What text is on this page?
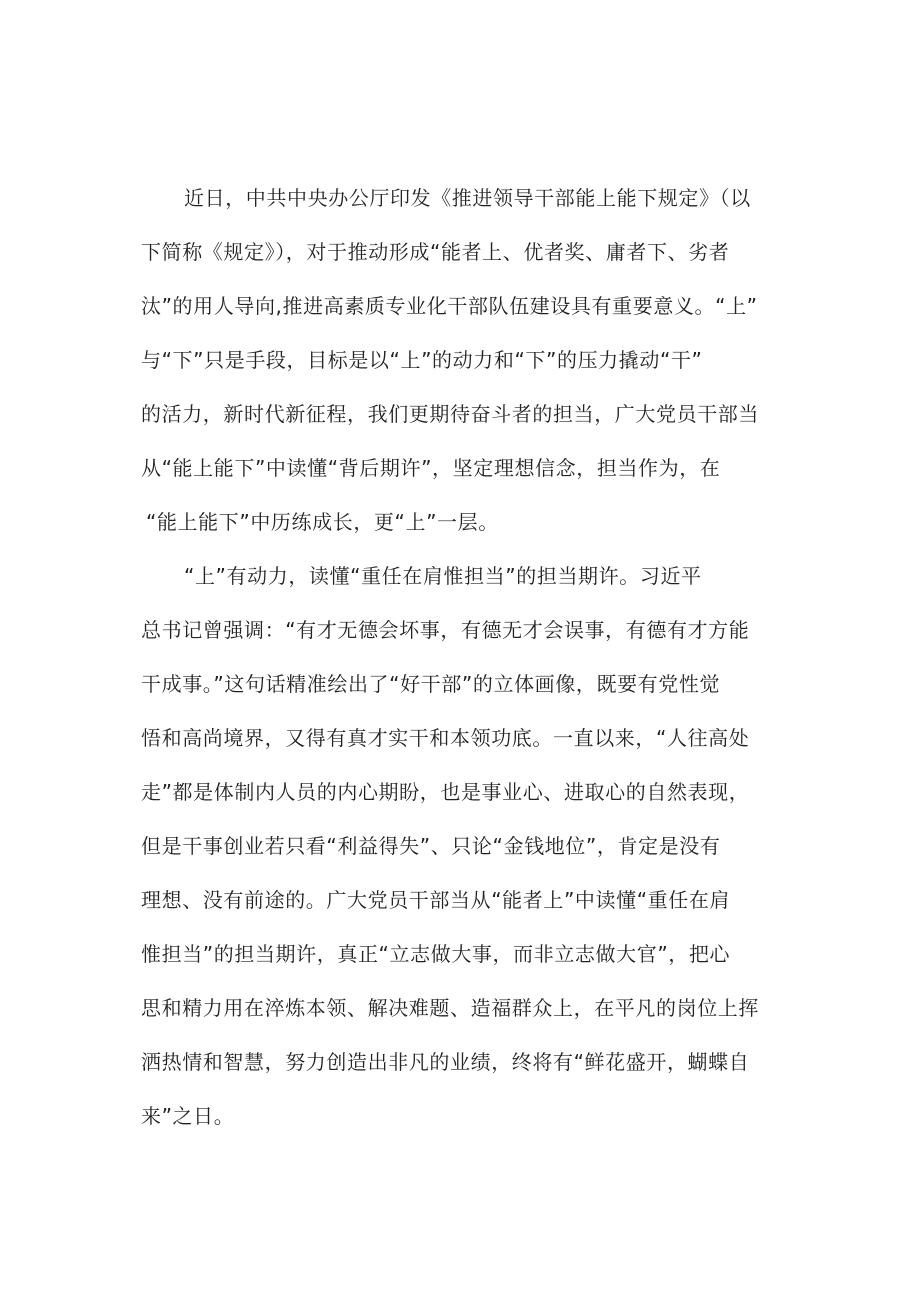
近日，中共中央办公厅印发《推进领导干部能上能下规定》（以

下简称《规定》），对于推动形成“能者上、优者奖、庸者下、劣者

汰”的用人导向,推进高素质专业化干部队伍建设具有重要意义。“上”

与“下”只是手段，目标是以“上”的动力和“下”的压力撬动“干”

的活力，新时代新征程，我们更期待奋斗者的担当，广大党员干部当

从“能上能下”中读懂“背后期许”，坚定理想信念，担当作为，在

“能上能下”中历练成长，更“上”一层。

“上”有动力，读懂“重任在肩惟担当”的担当期许。习近平

总书记曾强调：“有才无德会坏事，有德无才会误事，有德有才方能

干成事。”这句话精准绘出了“好干部”的立体画像，既要有党性觉

悟和高尚境界，又得有真才实干和本领功底。一直以来，“人往高处

走”都是体制内人员的内心期盼，也是事业心、进取心的自然表现，

但是干事创业若只看“利益得失”、只论“金钱地位”，肯定是没有

理想、没有前途的。广大党员干部当从“能者上”中读懂“重任在肩

惟担当”的担当期许，真正“立志做大事，而非立志做大官”，把心

思和精力用在淬炼本领、解决难题、造福群众上，在平凡的岗位上挥

洒热情和智慧，努力创造出非凡的业绩，终将有“鲜花盛开，蝴蝶自

来”之日。
